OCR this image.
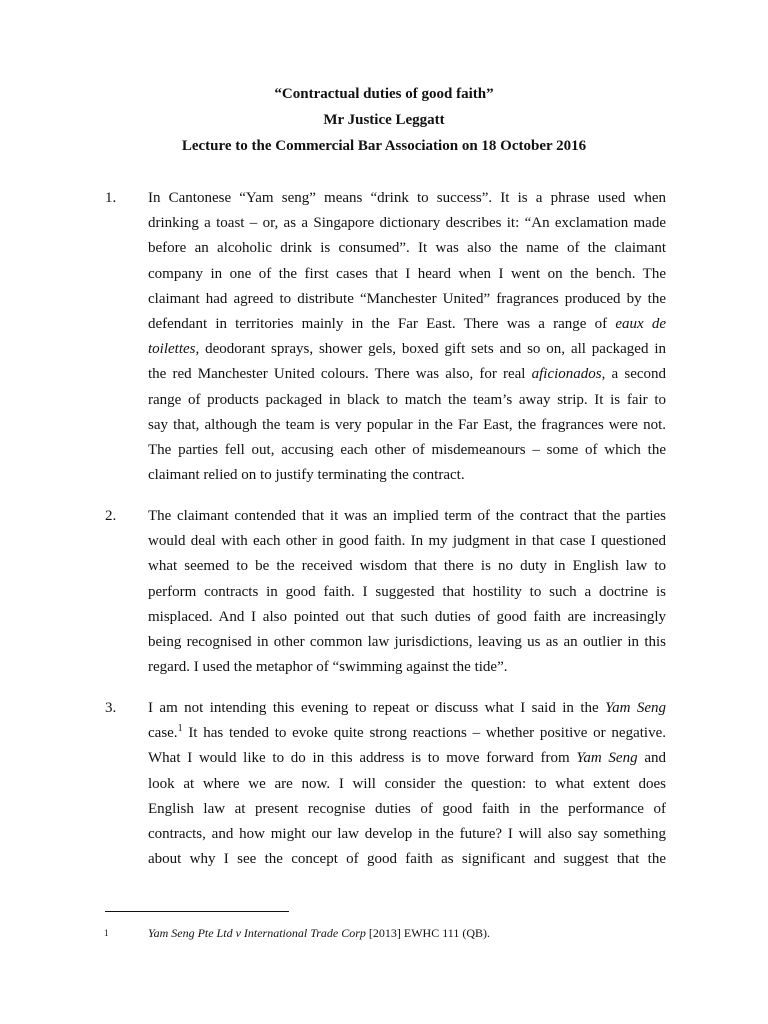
“Contractual duties of good faith”
Mr Justice Leggatt
Lecture to the Commercial Bar Association on 18 October 2016
1. In Cantonese “Yam seng” means “drink to success”. It is a phrase used when
drinking a toast – or, as a Singapore dictionary describes it: “An exclamation made
before an alcoholic drink is consumed”. It was also the name of the claimant
company in one of the first cases that I heard when I went on the bench. The
claimant had agreed to distribute “Manchester United” fragrances produced by the
defendant in territories mainly in the Far East. There was a range of eaux de
toilettes, deodorant sprays, shower gels, boxed gift sets and so on, all packaged in
the red Manchester United colours. There was also, for real aficionados, a second
range of products packaged in black to match the team’s away strip. It is fair to
say that, although the team is very popular in the Far East, the fragrances were not.
The parties fell out, accusing each other of misdemeanours – some of which the
claimant relied on to justify terminating the contract.
2. The claimant contended that it was an implied term of the contract that the parties
would deal with each other in good faith. In my judgment in that case I questioned
what seemed to be the received wisdom that there is no duty in English law to
perform contracts in good faith. I suggested that hostility to such a doctrine is
misplaced. And I also pointed out that such duties of good faith are increasingly
being recognised in other common law jurisdictions, leaving us as an outlier in this
regard. I used the metaphor of “swimming against the tide”.
3. I am not intending this evening to repeat or discuss what I said in the Yam Seng
case.$^1$ It has tended to evoke quite strong reactions – whether positive or negative.
What I would like to do in this address is to move forward from Yam Seng and
look at where we are now. I will consider the question: to what extent does
English law at present recognise duties of good faith in the performance of
contracts, and how might our law develop in the future? I will also say something
about why I see the concept of good faith as significant and suggest that the
1	Yam Seng Pte Ltd v International Trade Corp [2013] EWHC 111 (QB).
